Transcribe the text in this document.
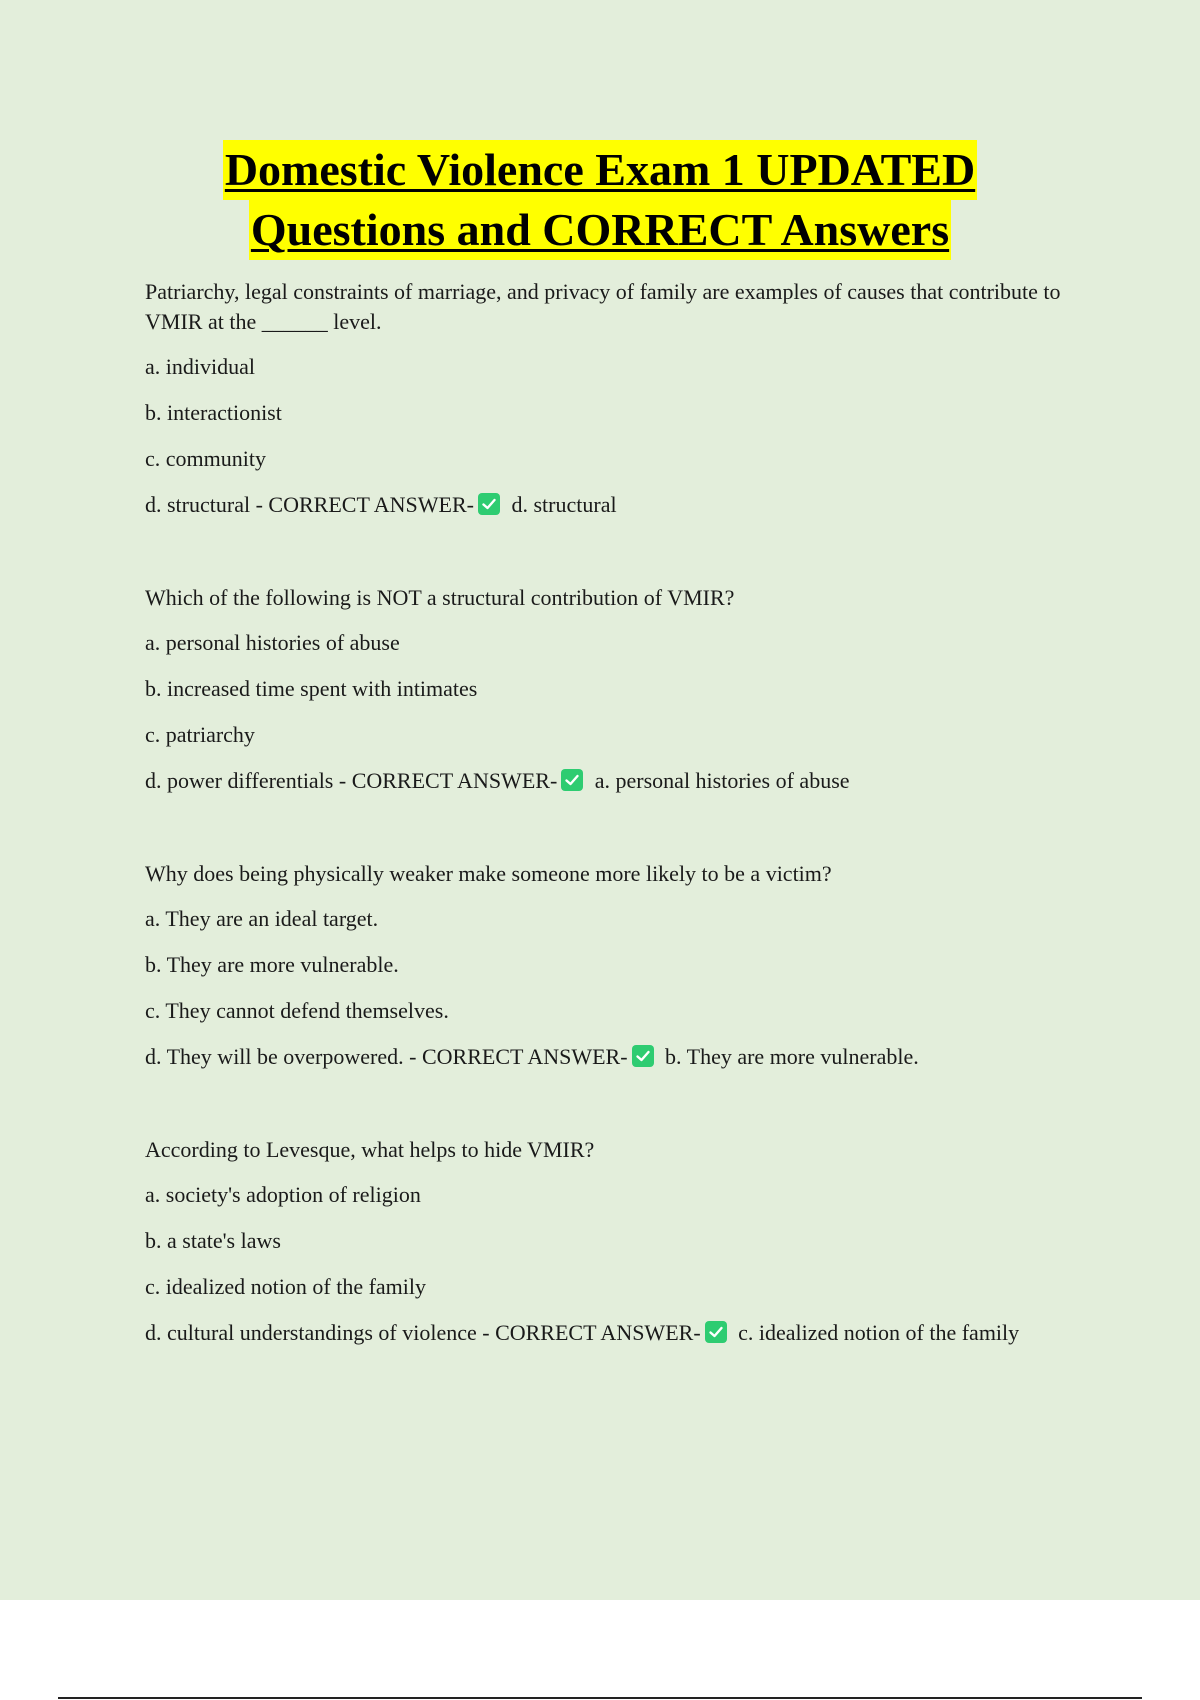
Domestic Violence Exam 1 UPDATED
Questions and CORRECT Answers

Patriarchy, legal constraints of marriage, and privacy of family are examples of causes that contribute to VMIR at the ______ level.

a. individual

b. interactionist

c. community

d. structural - CORRECT ANSWER- d. structural

Which of the following is NOT a structural contribution of VMIR?

a. personal histories of abuse

b. increased time spent with intimates

c. patriarchy

d. power differentials - CORRECT ANSWER- a. personal histories of abuse

Why does being physically weaker make someone more likely to be a victim?

a. They are an ideal target.

b. They are more vulnerable.

c. They cannot defend themselves.

d. They will be overpowered. - CORRECT ANSWER- b. They are more vulnerable.

According to Levesque, what helps to hide VMIR?

a. society's adoption of religion

b. a state's laws

c. idealized notion of the family

d. cultural understandings of violence - CORRECT ANSWER- c. idealized notion of the family
